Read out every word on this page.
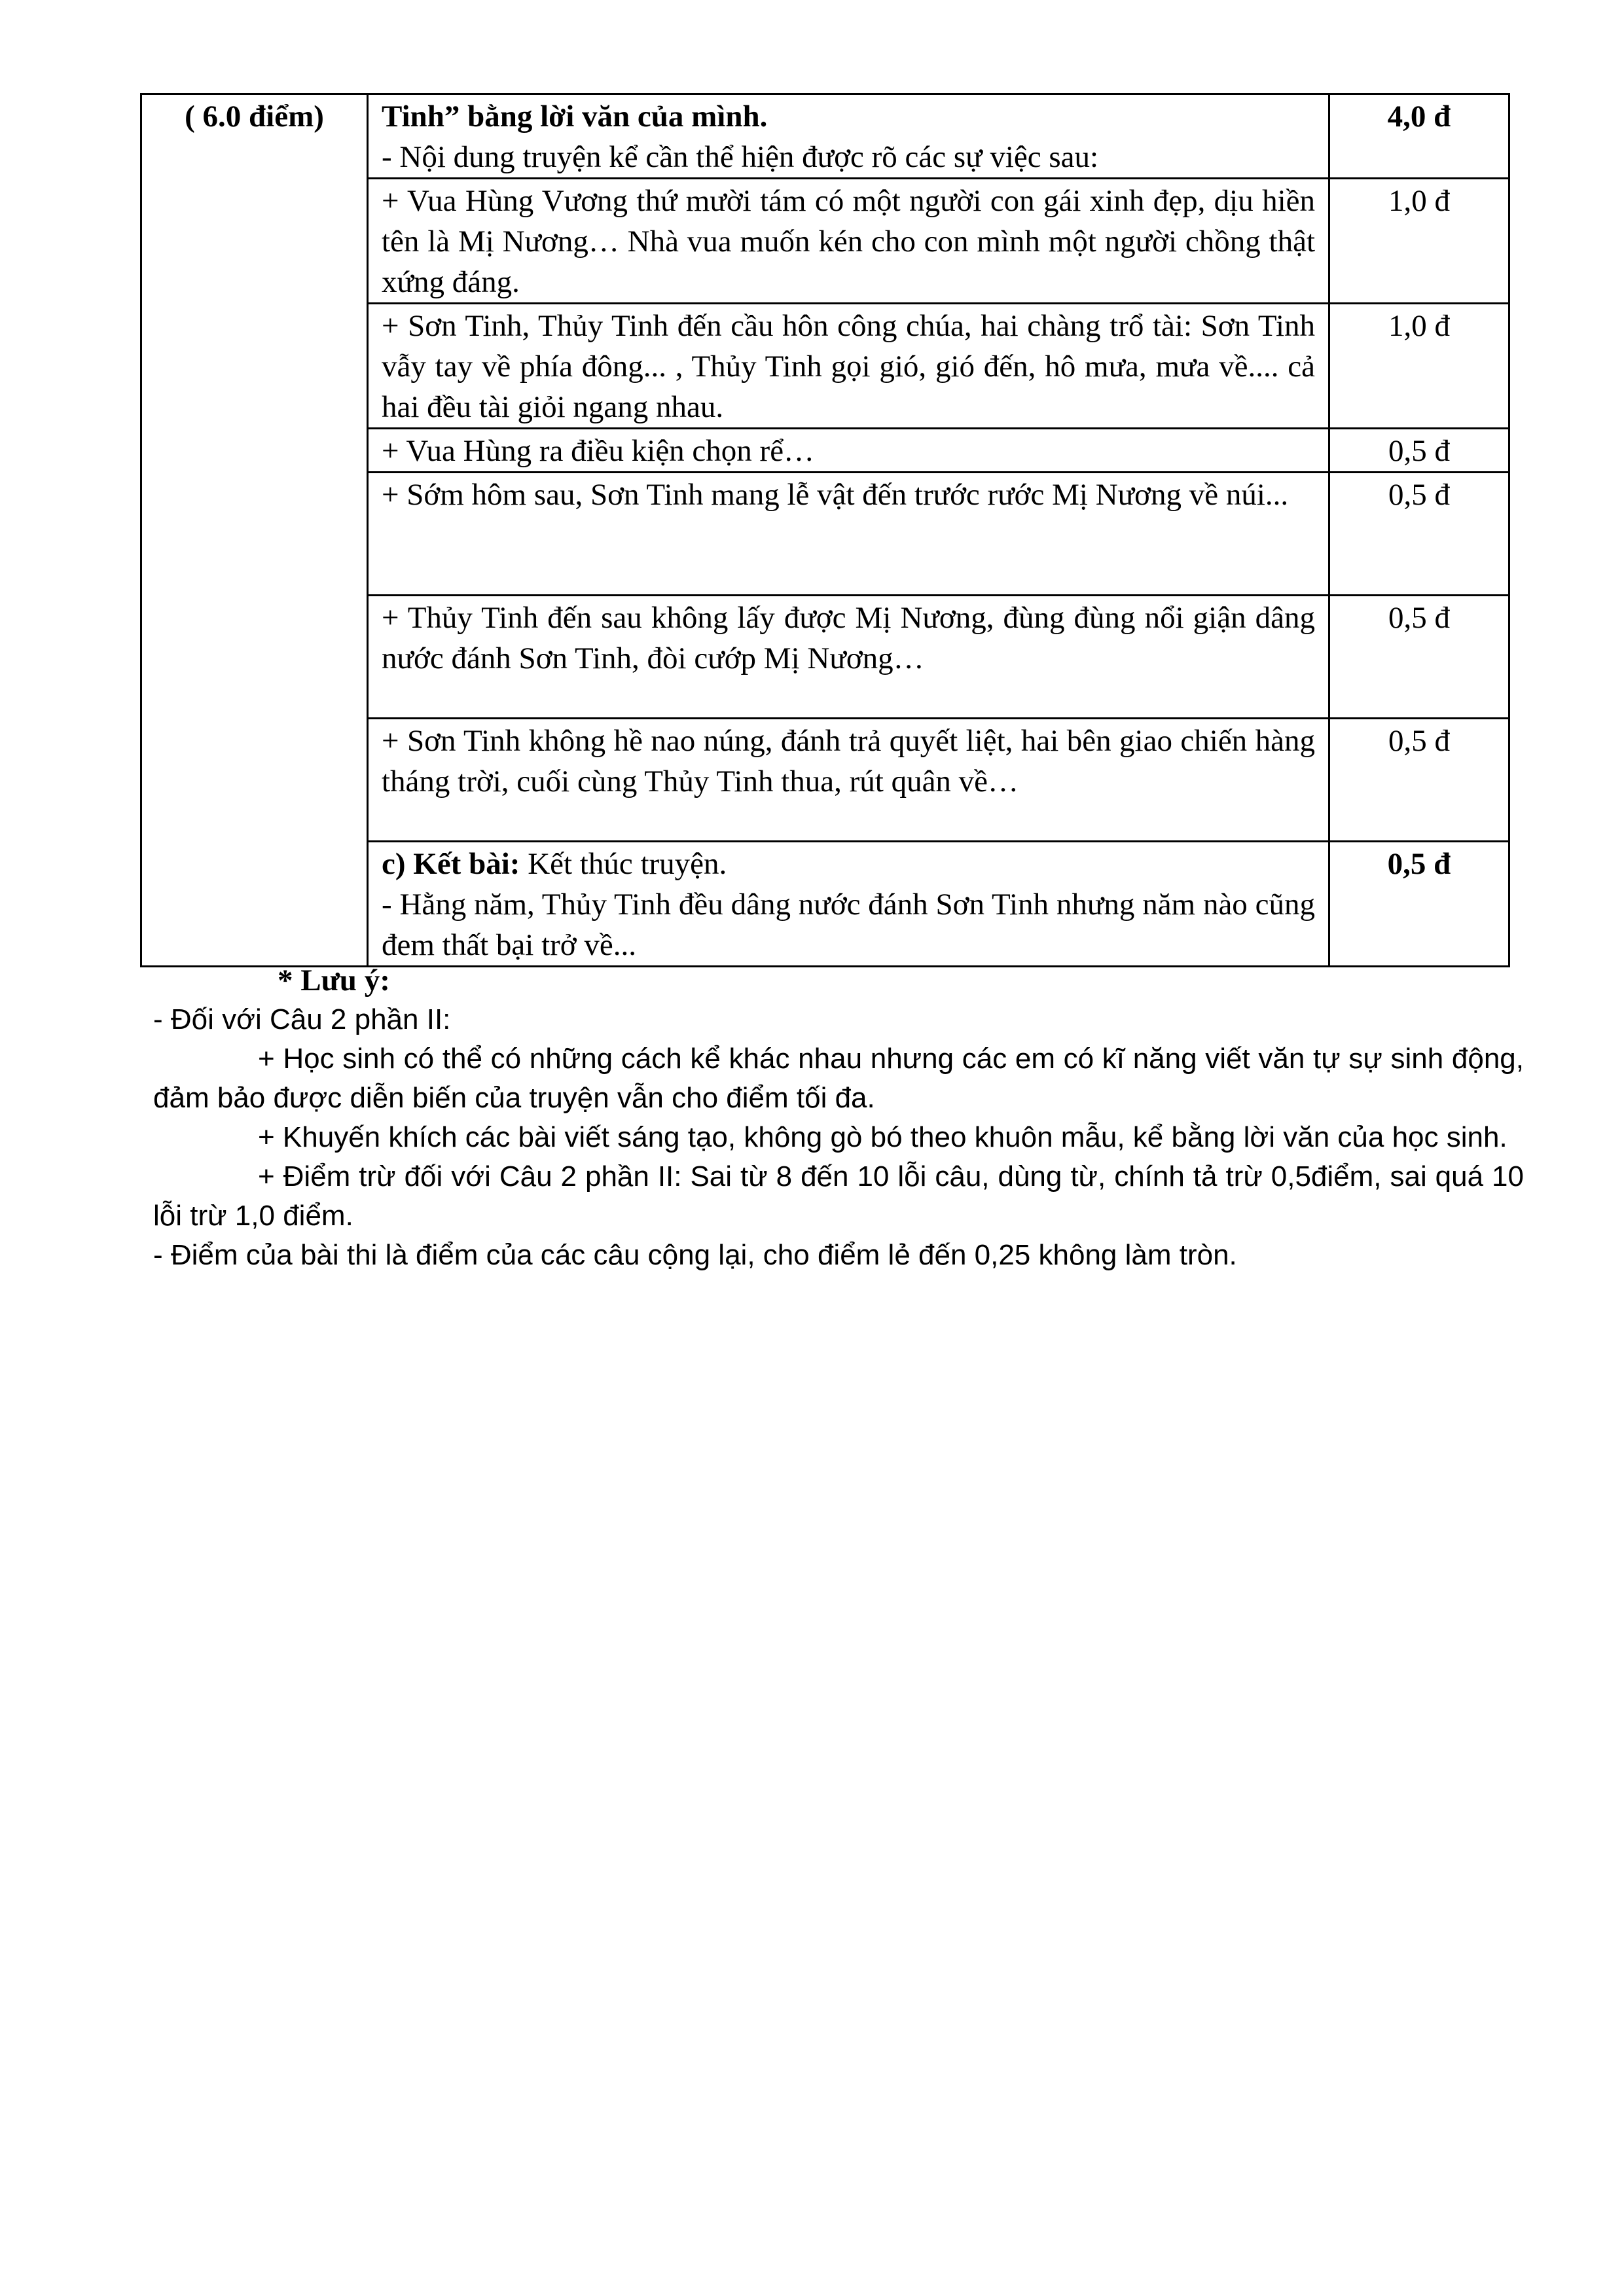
( 6.0 điểm)	Tinh” bằng lời văn của mình.
- Nội dung truyện kể cần thể hiện được rõ các sự việc sau:	4,0 đ
	+ Vua Hùng Vương thứ mười tám có một người con gái xinh đẹp, dịu hiền tên là Mị Nương… Nhà vua muốn kén cho con mình một người chồng thật xứng đáng.	1,0 đ
	+ Sơn Tinh, Thủy Tinh đến cầu hôn công chúa, hai chàng trổ tài: Sơn Tinh vẫy tay về phía đông... , Thủy Tinh gọi gió, gió đến, hô mưa, mưa về.... cả hai đều tài giỏi ngang nhau.	1,0 đ
	+ Vua Hùng ra điều kiện chọn rể…	0,5 đ
	+ Sớm hôm sau, Sơn Tinh mang lễ vật đến trước rước Mị Nương về núi...	0,5 đ
	+ Thủy Tinh đến sau không lấy được Mị Nương, đùng đùng nổi giận dâng nước đánh Sơn Tinh, đòi cướp Mị Nương…	0,5 đ
	+ Sơn Tinh không hề nao núng, đánh trả quyết liệt, hai bên giao chiến hàng tháng trời, cuối cùng Thủy Tinh thua, rút quân về…	0,5 đ

	c) Kết bài: Kết thúc truyện.
- Hằng năm, Thủy Tinh đều dâng nước đánh Sơn Tinh nhưng năm nào cũng đem thất bại trở về...	0,5 đ

* Lưu ý:

- Đối với Câu 2 phần II:

+ Học sinh có thể có những cách kể khác nhau nhưng các em có kĩ năng viết văn tự sự sinh động, đảm bảo được diễn biến của truyện vẫn cho điểm tối đa.

+ Khuyến khích các bài viết sáng tạo, không gò bó theo khuôn mẫu, kể bằng lời văn của học sinh.

+ Điểm trừ đối với Câu 2 phần II: Sai từ 8 đến 10 lỗi câu, dùng từ, chính tả trừ 0,5điểm, sai quá 10 lỗi trừ 1,0 điểm.

- Điểm của bài thi là điểm của các câu cộng lại, cho điểm lẻ đến 0,25 không làm tròn.
